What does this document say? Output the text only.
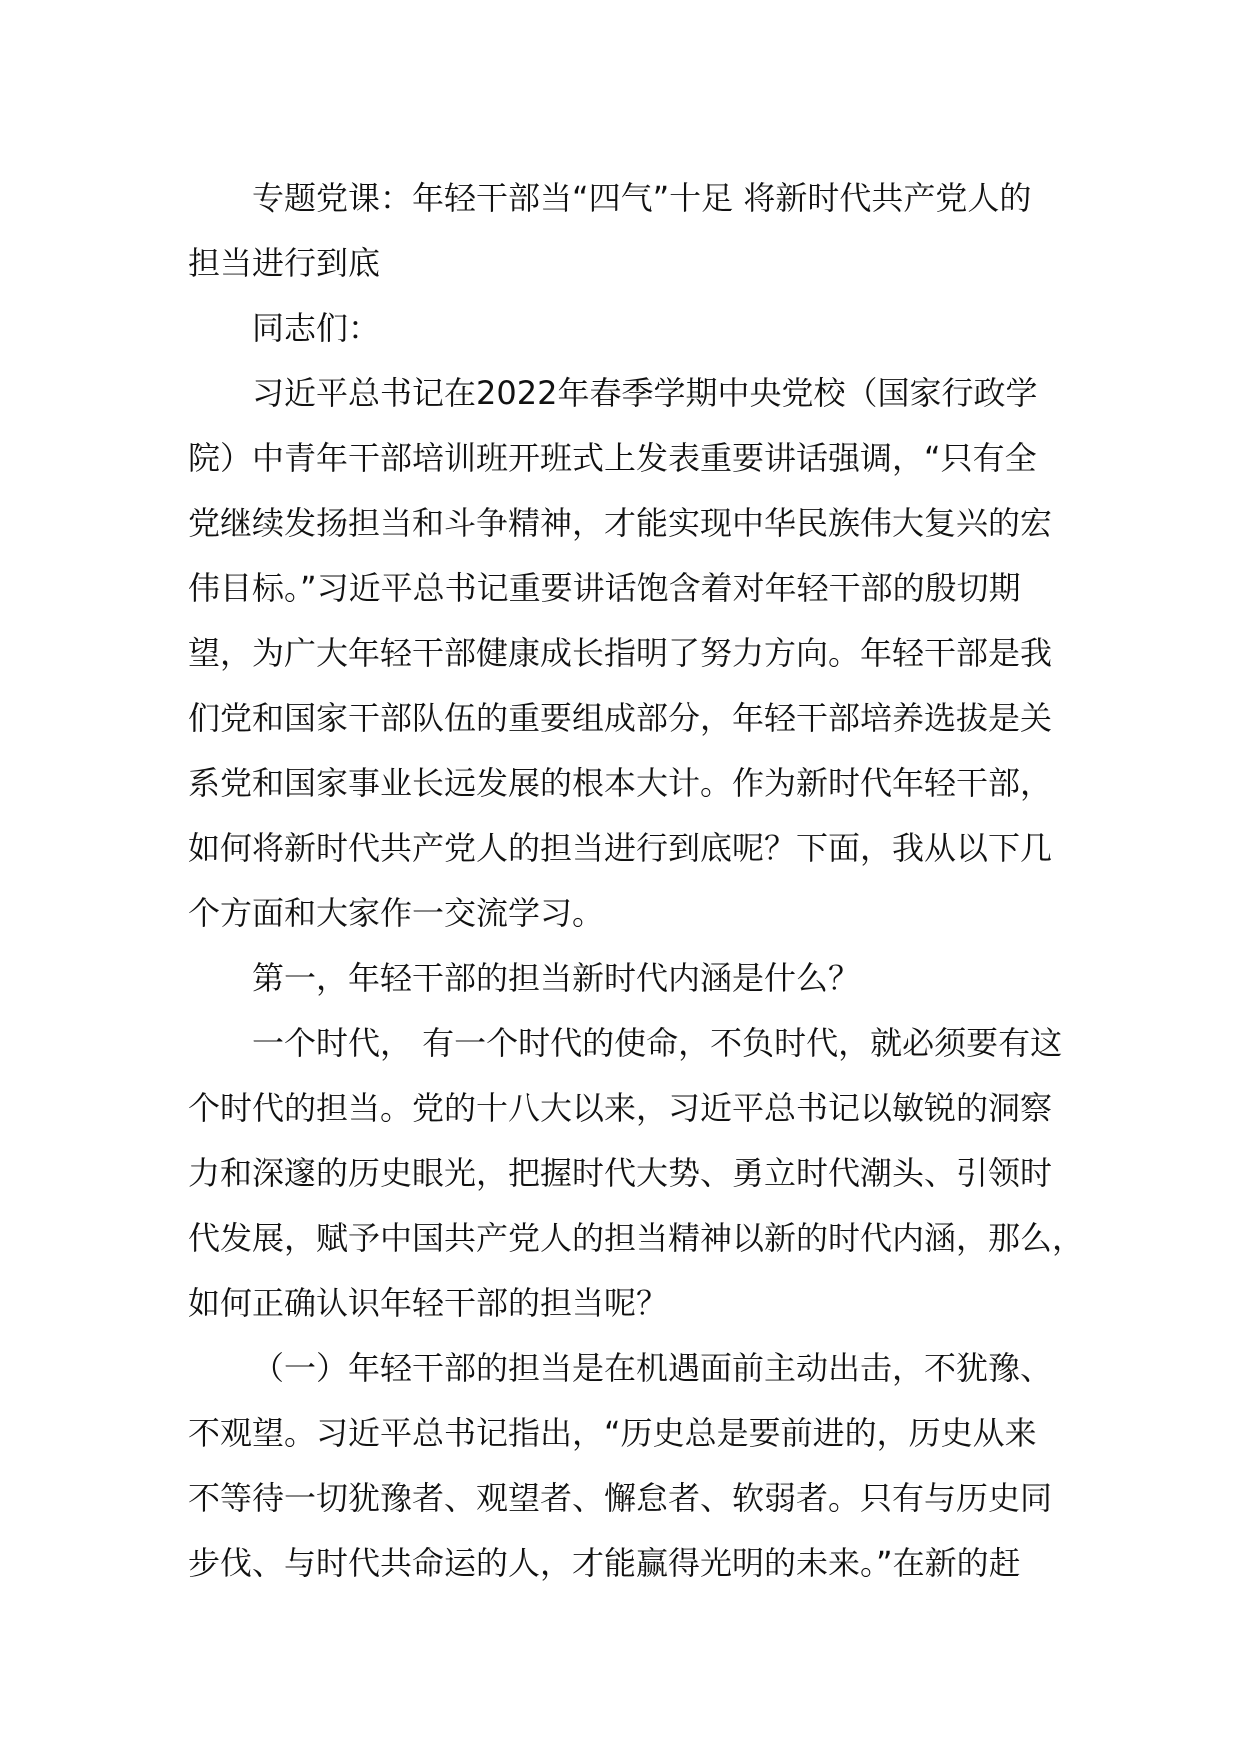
专题党课：年轻干部当“四气”十足 将新时代共产党人的
担当进行到底
同志们：
习近平总书记在2022年春季学期中央党校（国家行政学
院）中青年干部培训班开班式上发表重要讲话强调，“只有全
党继续发扬担当和斗争精神，才能实现中华民族伟大复兴的宏
伟目标。”习近平总书记重要讲话饱含着对年轻干部的殷切期
望，为广大年轻干部健康成长指明了努力方向。年轻干部是我
们党和国家干部队伍的重要组成部分，年轻干部培养选拔是关
系党和国家事业长远发展的根本大计。作为新时代年轻干部，
如何将新时代共产党人的担当进行到底呢？下面，我从以下几
个方面和大家作一交流学习。
第一，年轻干部的担当新时代内涵是什么？
一个时代， 有一个时代的使命，不负时代，就必须要有这
个时代的担当。党的十八大以来，习近平总书记以敏锐的洞察
力和深邃的历史眼光，把握时代大势、勇立时代潮头、引领时
代发展，赋予中国共产党人的担当精神以新的时代内涵，那么，
如何正确认识年轻干部的担当呢？
（一）年轻干部的担当是在机遇面前主动出击，不犹豫、
不观望。习近平总书记指出，“历史总是要前进的，历史从来
不等待一切犹豫者、观望者、懈怠者、软弱者。只有与历史同
步伐、与时代共命运的人，才能赢得光明的未来。”在新的赶
